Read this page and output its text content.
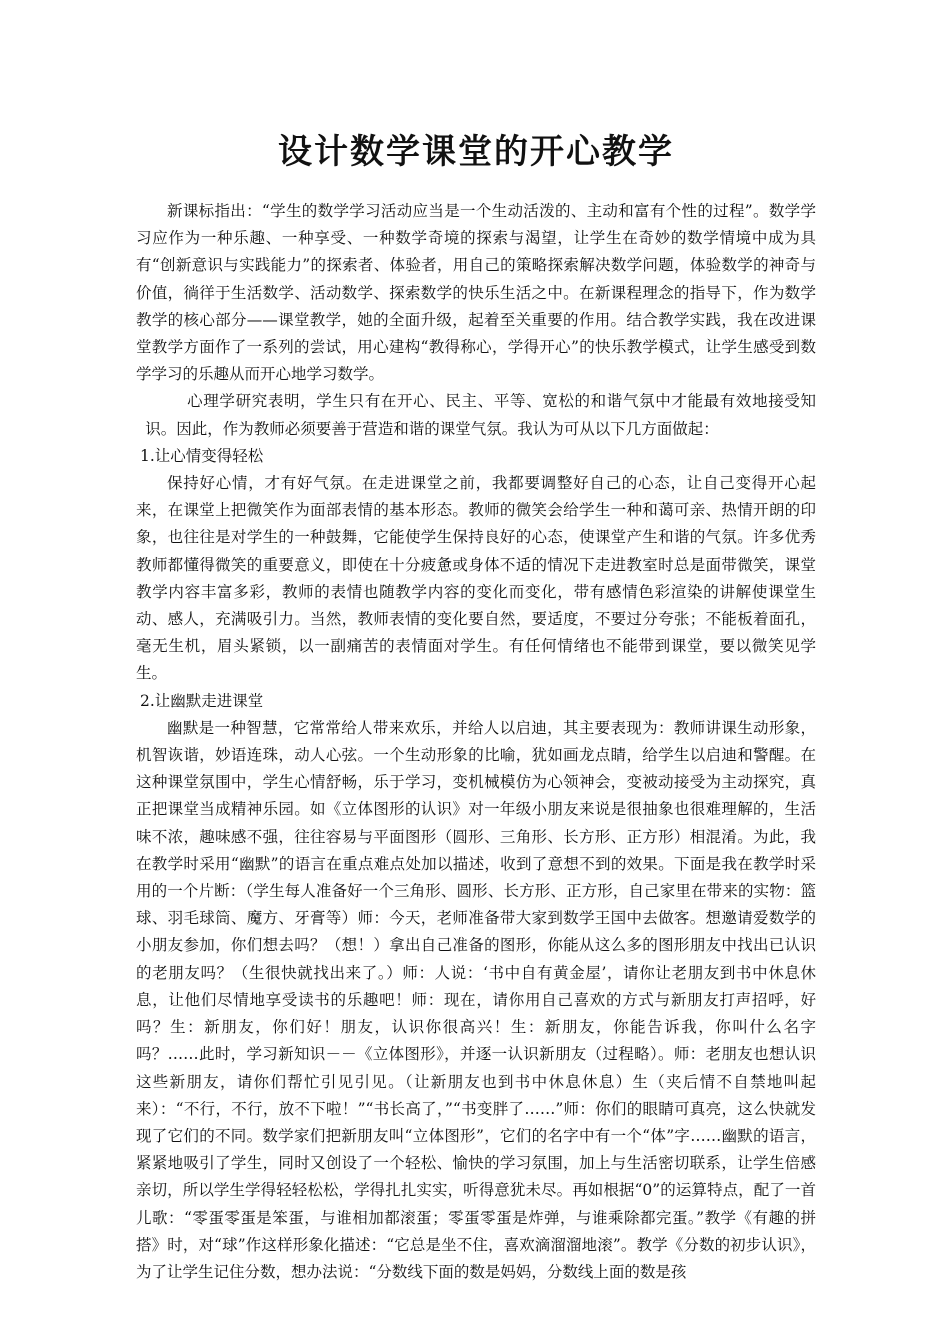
设计数学课堂的开心教学

新课标指出：“学生的数学学习活动应当是一个生动活泼的、主动和富有个性的过程”。数学学习应作为一种乐趣、一种享受、一种数学奇境的探索与渴望，让学生在奇妙的数学情境中成为具有“创新意识与实践能力”的探索者、体验者，用自己的策略探索解决数学问题，体验数学的神奇与价值，徜徉于生活数学、活动数学、探索数学的快乐生活之中。在新课程理念的指导下，作为数学教学的核心部分——课堂教学，她的全面升级，起着至关重要的作用。结合教学实践，我在改进课堂教学方面作了一系列的尝试，用心建构“教得称心，学得开心”的快乐教学模式，让学生感受到数学学习的乐趣从而开心地学习数学。

心理学研究表明，学生只有在开心、民主、平等、宽松的和谐气氛中才能最有效地接受知识。因此，作为教师必须要善于营造和谐的课堂气氛。我认为可从以下几方面做起：

1.让心情变得轻松

保持好心情，才有好气氛。在走进课堂之前，我都要调整好自己的心态，让自己变得开心起来，在课堂上把微笑作为面部表情的基本形态。教师的微笑会给学生一种和蔼可亲、热情开朗的印象，也往往是对学生的一种鼓舞，它能使学生保持良好的心态，使课堂产生和谐的气氛。许多优秀教师都懂得微笑的重要意义，即使在十分疲惫或身体不适的情况下走进教室时总是面带微笑，课堂教学内容丰富多彩，教师的表情也随教学内容的变化而变化，带有感情色彩渲染的讲解使课堂生动、感人，充满吸引力。当然，教师表情的变化要自然，要适度，不要过分夸张；不能板着面孔，毫无生机，眉头紧锁，以一副痛苦的表情面对学生。有任何情绪也不能带到课堂，要以微笑见学生。

2.让幽默走进课堂

幽默是一种智慧，它常常给人带来欢乐，并给人以启迪，其主要表现为：教师讲课生动形象，机智诙谐，妙语连珠，动人心弦。一个生动形象的比喻，犹如画龙点睛，给学生以启迪和警醒。在这种课堂氛围中，学生心情舒畅，乐于学习，变机械模仿为心领神会，变被动接受为主动探究，真正把课堂当成精神乐园。如《立体图形的认识》对一年级小朋友来说是很抽象也很难理解的，生活味不浓，趣味感不强，往往容易与平面图形（圆形、三角形、长方形、正方形）相混淆。为此，我在教学时采用“幽默”的语言在重点难点处加以描述，收到了意想不到的效果。下面是我在教学时采用的一个片断：（学生每人准备好一个三角形、圆形、长方形、正方形，自己家里在带来的实物：篮球、羽毛球筒、魔方、牙膏等）师：今天，老师准备带大家到数学王国中去做客。想邀请爱数学的小朋友参加，你们想去吗？（想！）拿出自己准备的图形，你能从这么多的图形朋友中找出已认识的老朋友吗？（生很快就找出来了。）师：人说：‘书中自有黄金屋’，请你让老朋友到书中休息休息，让他们尽情地享受读书的乐趣吧！师：现在，请你用自己喜欢的方式与新朋友打声招呼，好吗？生：新朋友，你们好！朋友，认识你很高兴！生：新朋友，你能告诉我，你叫什么名字吗？……此时，学习新知识－－《立体图形》，并逐一认识新朋友（过程略）。师：老朋友也想认识这些新朋友，请你们帮忙引见引见。（让新朋友也到书中休息休息）生（夹后情不自禁地叫起来）：“不行，不行，放不下啦！”“书长高了，”“书变胖了……”师：你们的眼睛可真亮，这么快就发现了它们的不同。数学家们把新朋友叫“立体图形”，它们的名字中有一个“体”字……幽默的语言，紧紧地吸引了学生，同时又创设了一个轻松、愉快的学习氛围，加上与生活密切联系，让学生倍感亲切，所以学生学得轻轻松松，学得扎扎实实，听得意犹未尽。再如根据“0”的运算特点，配了一首儿歌：“零蛋零蛋是笨蛋，与谁相加都滚蛋；零蛋零蛋是炸弹，与谁乘除都完蛋。”教学《有趣的拼搭》时，对“球”作这样形象化描述：“它总是坐不住，喜欢滴溜溜地滚”。教学《分数的初步认识》，为了让学生记住分数，想办法说：“分数线下面的数是妈妈，分数线上面的数是孩
